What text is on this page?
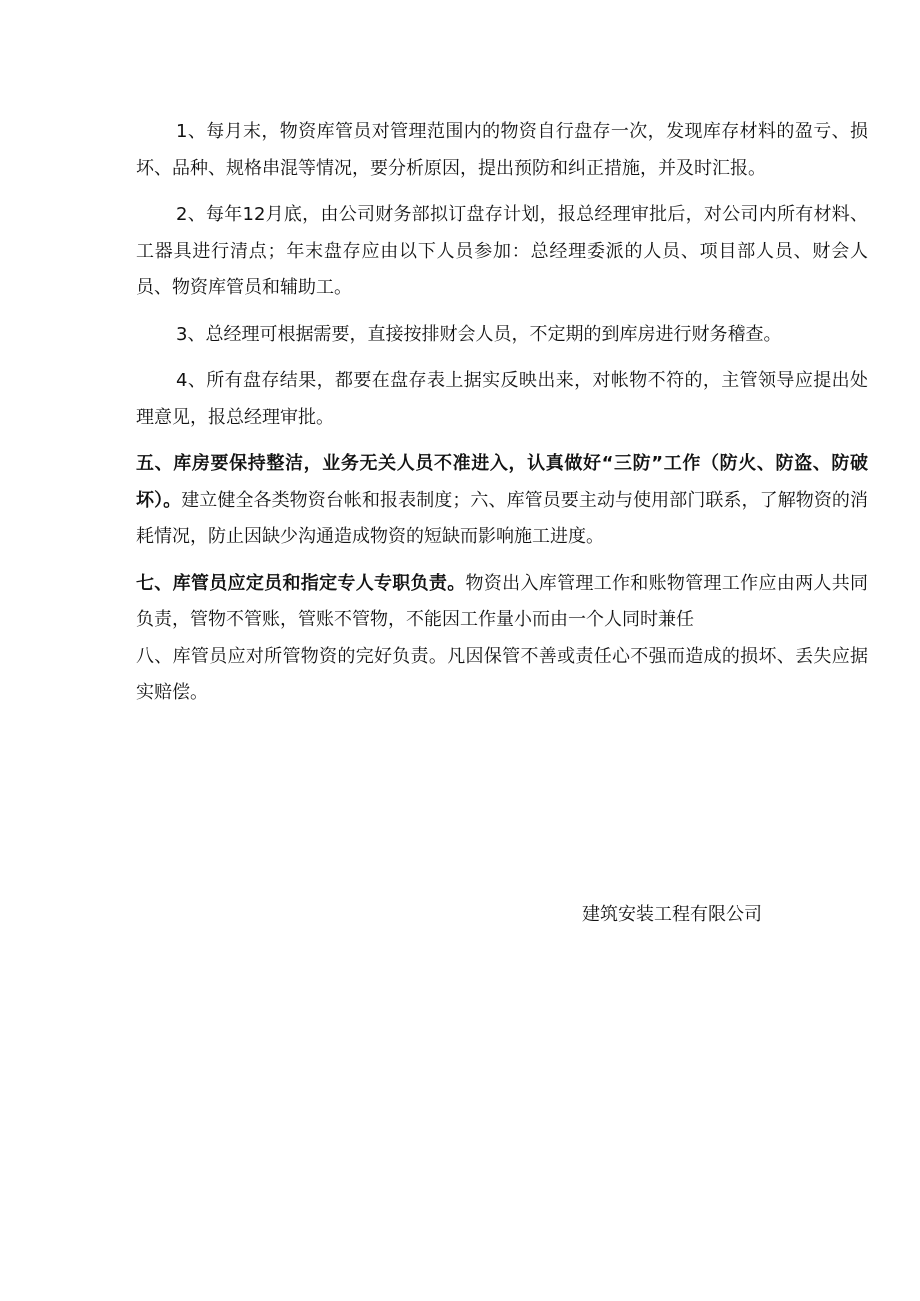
1、每月末，物资库管员对管理范围内的物资自行盘存一次，发现库存材料的盈亏、损坏、品种、规格串混等情况，要分析原因，提出预防和纠正措施，并及时汇报。

2、每年12月底，由公司财务部拟订盘存计划，报总经理审批后，对公司内所有材料、工器具进行清点；年末盘存应由以下人员参加：总经理委派的人员、项目部人员、财会人员、物资库管员和辅助工。

3、总经理可根据需要，直接按排财会人员，不定期的到库房进行财务稽查。

4、所有盘存结果，都要在盘存表上据实反映出来，对帐物不符的，主管领导应提出处理意见，报总经理审批。

五、库房要保持整洁，业务无关人员不准进入，认真做好“三防”工作（防火、防盗、防破坏）。建立健全各类物资台帐和报表制度；六、库管员要主动与使用部门联系，了解物资的消耗情况，防止因缺少沟通造成物资的短缺而影响施工进度。

七、库管员应定员和指定专人专职负责。物资出入库管理工作和账物管理工作应由两人共同负责，管物不管账，管账不管物，不能因工作量小而由一个人同时兼任

八、库管员应对所管物资的完好负责。凡因保管不善或责任心不强而造成的损坏、丢失应据实赔偿。

建筑安装工程有限公司
